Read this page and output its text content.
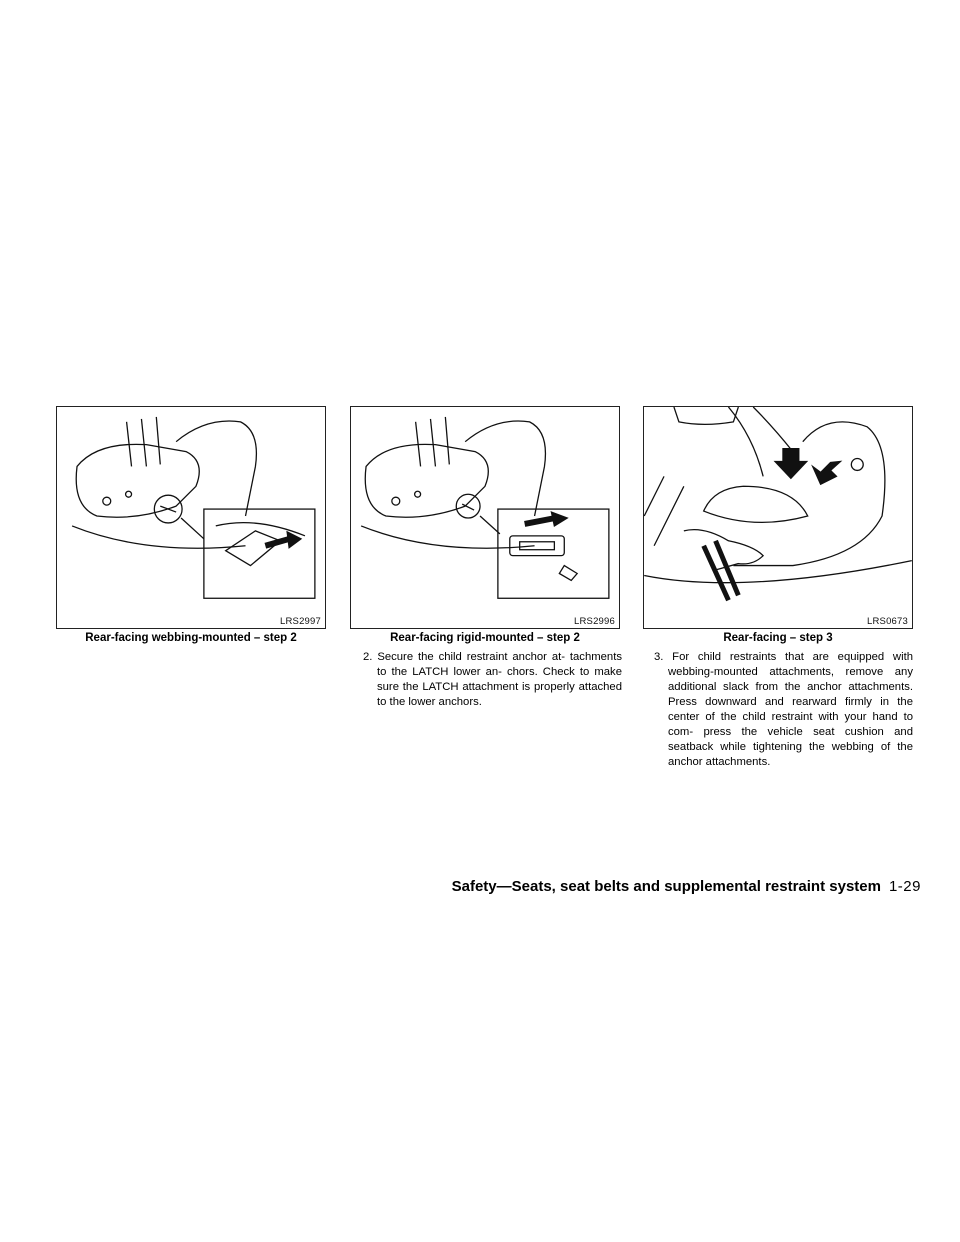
LRS2997
Rear-facing webbing-mounted – step 2
LRS2996
Rear-facing rigid-mounted – step 2
LRS0673
Rear-facing – step 3
2. Secure the child restraint anchor at- tachments to the LATCH lower an- chors. Check to make sure the LATCH attachment is properly attached to the lower anchors.
3. For child restraints that are equipped with webbing-mounted attachments, remove any additional slack from the anchor attachments. Press downward and rearward firmly in the center of the child restraint with your hand to com- press the vehicle seat cushion and seatback while tightening the webbing of the anchor attachments.
Safety—Seats, seat belts and supplemental restraint system 1-29
